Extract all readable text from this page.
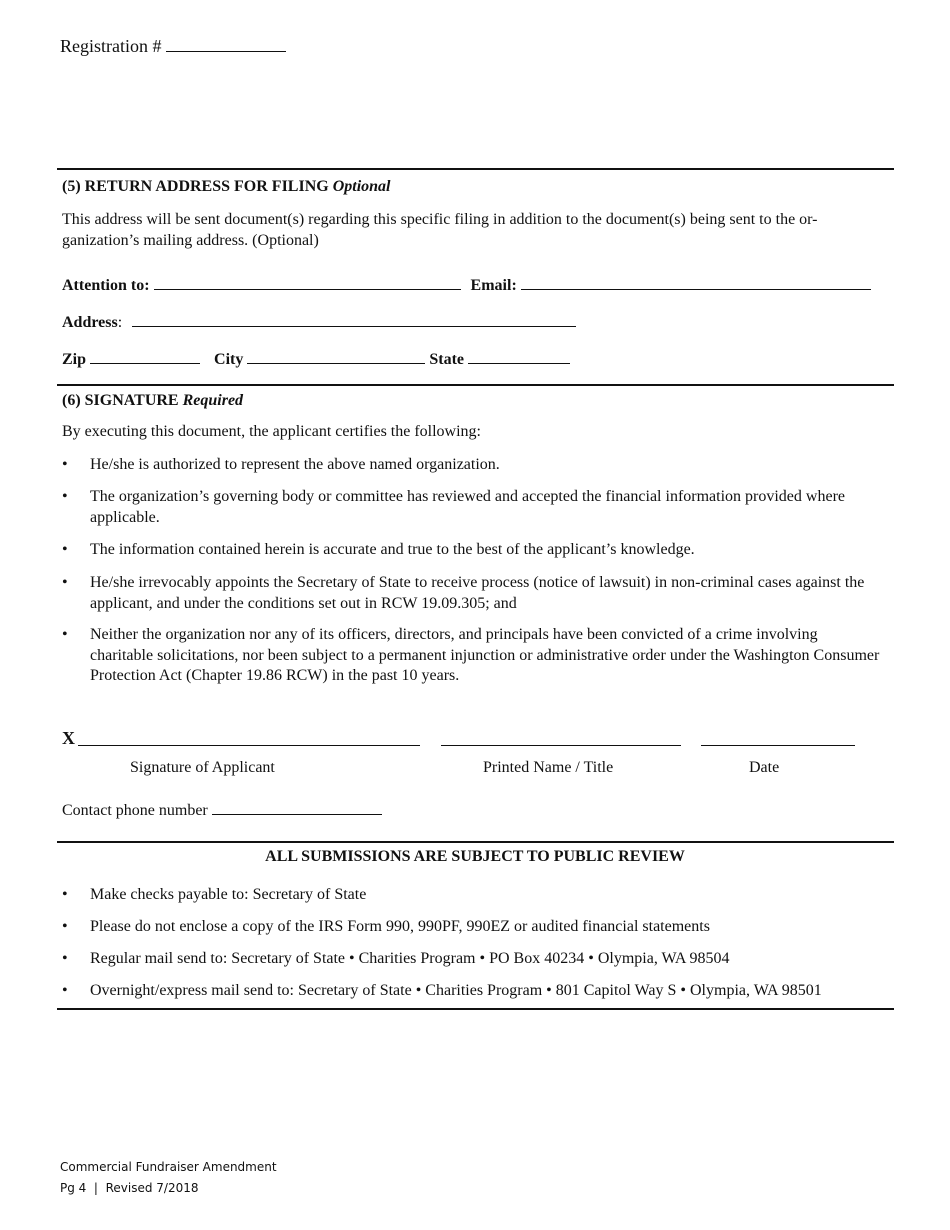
Registration #
(5) RETURN ADDRESS FOR FILING Optional
This address will be sent document(s) regarding this specific filing in addition to the document(s) being sent to the or-
ganization’s mailing address. (Optional)
Attention to:	Email:
Address:
Zip	City	State
(6) SIGNATURE Required
By executing this document, the applicant certifies the following:
• He/she is authorized to represent the above named organization.
• The organization’s governing body or committee has reviewed and accepted the financial information provided where applicable.
• The information contained herein is accurate and true to the best of the applicant’s knowledge.
• He/she irrevocably appoints the Secretary of State to receive process (notice of lawsuit) in non-criminal cases against the applicant, and under the conditions set out in RCW 19.09.305; and
• Neither the organization nor any of its officers, directors, and principals have been convicted of a crime involving charitable solicitations, nor been subject to a permanent injunction or administrative order under the Washington Consumer Protection Act (Chapter 19.86 RCW) in the past 10 years.
X
Signature of Applicant	Printed Name / Title	Date
Contact phone number
ALL SUBMISSIONS ARE SUBJECT TO PUBLIC REVIEW
• Make checks payable to: Secretary of State
• Please do not enclose a copy of the IRS Form 990, 990PF, 990EZ or audited financial statements
• Regular mail send to: Secretary of State • Charities Program • PO Box 40234 • Olympia, WA 98504
• Overnight/express mail send to: Secretary of State • Charities Program • 801 Capitol Way S • Olympia, WA 98501
Commercial Fundraiser Amendment
Pg 4  |  Revised 7/2018
